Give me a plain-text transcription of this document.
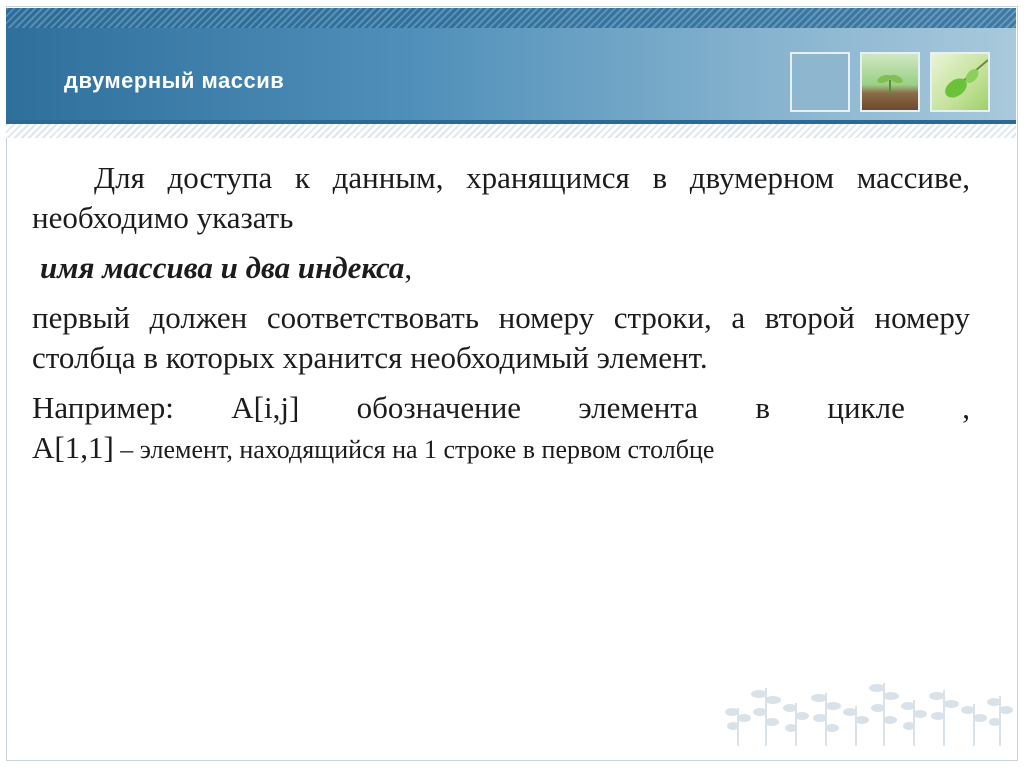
двумерный массив

Для доступа к данным, хранящимся в двумерном массиве, необходимо указать

имя массива и два индекса,

первый должен соответствовать номеру строки, а второй номеру столбца в которых хранится необходимый элемент.

Например: A[i,j] обозначение элемента в цикле ,

A[1,1] – элемент, находящийся на 1 строке в первом столбце
